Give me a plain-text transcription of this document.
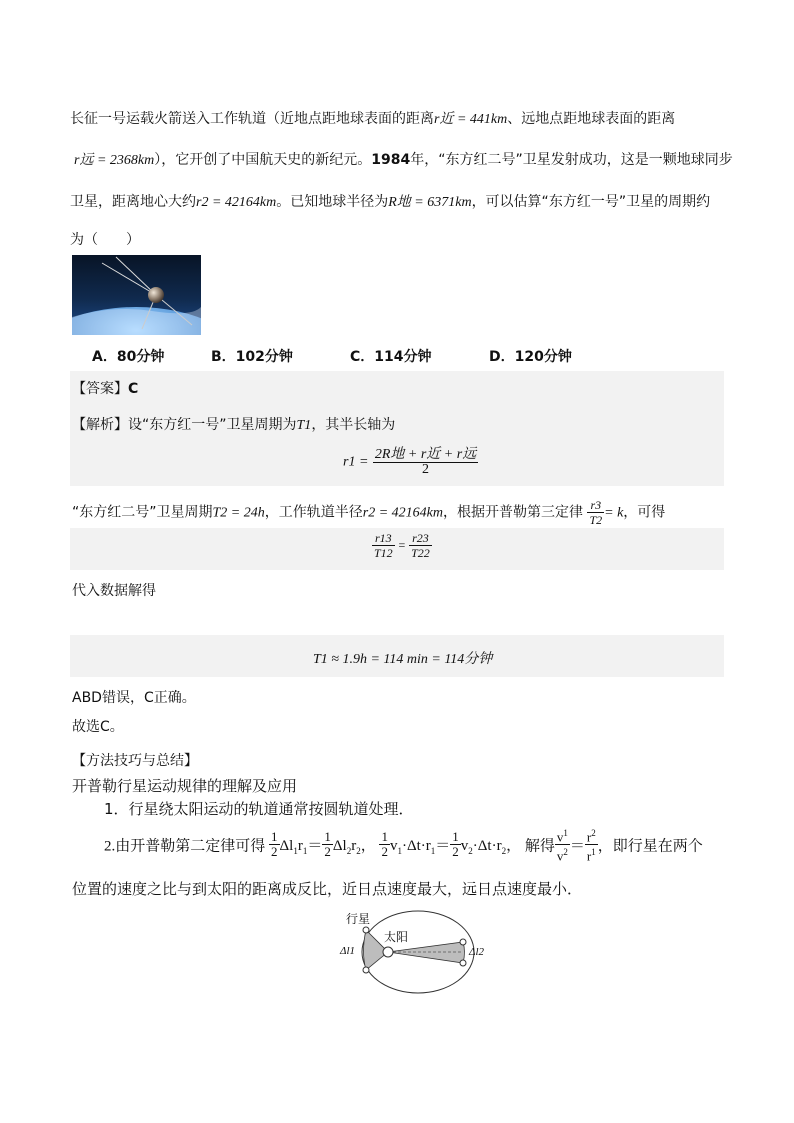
长征一号运载火箭送入工作轨道（近地点距地球表面的距离r近 = 441km、远地点距地球表面的距离
r远 = 2368km），它开创了中国航天史的新纪元。1984年，“东方红二号”卫星发射成功，这是一颗地球同步
卫星，距离地心大约r2 = 42164km。已知地球半径为R地 = 6371km，可以估算“东方红一号”卫星的周期约
为（　　）
A．80分钟	B．102分钟	C．114分钟	D．120分钟
【答案】C
【解析】设“东方红一号”卫星周期为T1，其半长轴为
$r1 = \frac{\text{2R地 + r近 + r远}}{2}$
“东方红二号”卫星周期T2 = 24h，工作轨道半径r2 = 42164km，根据开普勒第三定律 $\frac{r3}{T2} = k$，可得
$\frac{r13}{T12} = \frac{r23}{T22}$
代入数据解得
T1 ≈ 1.9h = 114 min = 114分钟
ABD错误，C正确。
故选C。
【方法技巧与总结】
开普勒行星运动规律的理解及应用
1．行星绕太阳运动的轨道通常按圆轨道处理．
2.由开普勒第二定律可得 $\frac{1}{2} \Delta l_1r_1= \frac{1}{2} \Delta l_2r_2$， $\frac{1}{2} v_1\cdot\Delta t\cdot r_1= \frac{1}{2} v_2\cdot\Delta t\cdot r_2$， 解得 $\frac{v^1}{v^2} = \frac{r^2}{r^1}$ ，即行星在两个
位置的速度之比与到太阳的距离成反比，近日点速度最大，远日点速度最小．
行星
太阳
Δl1	Δl2
